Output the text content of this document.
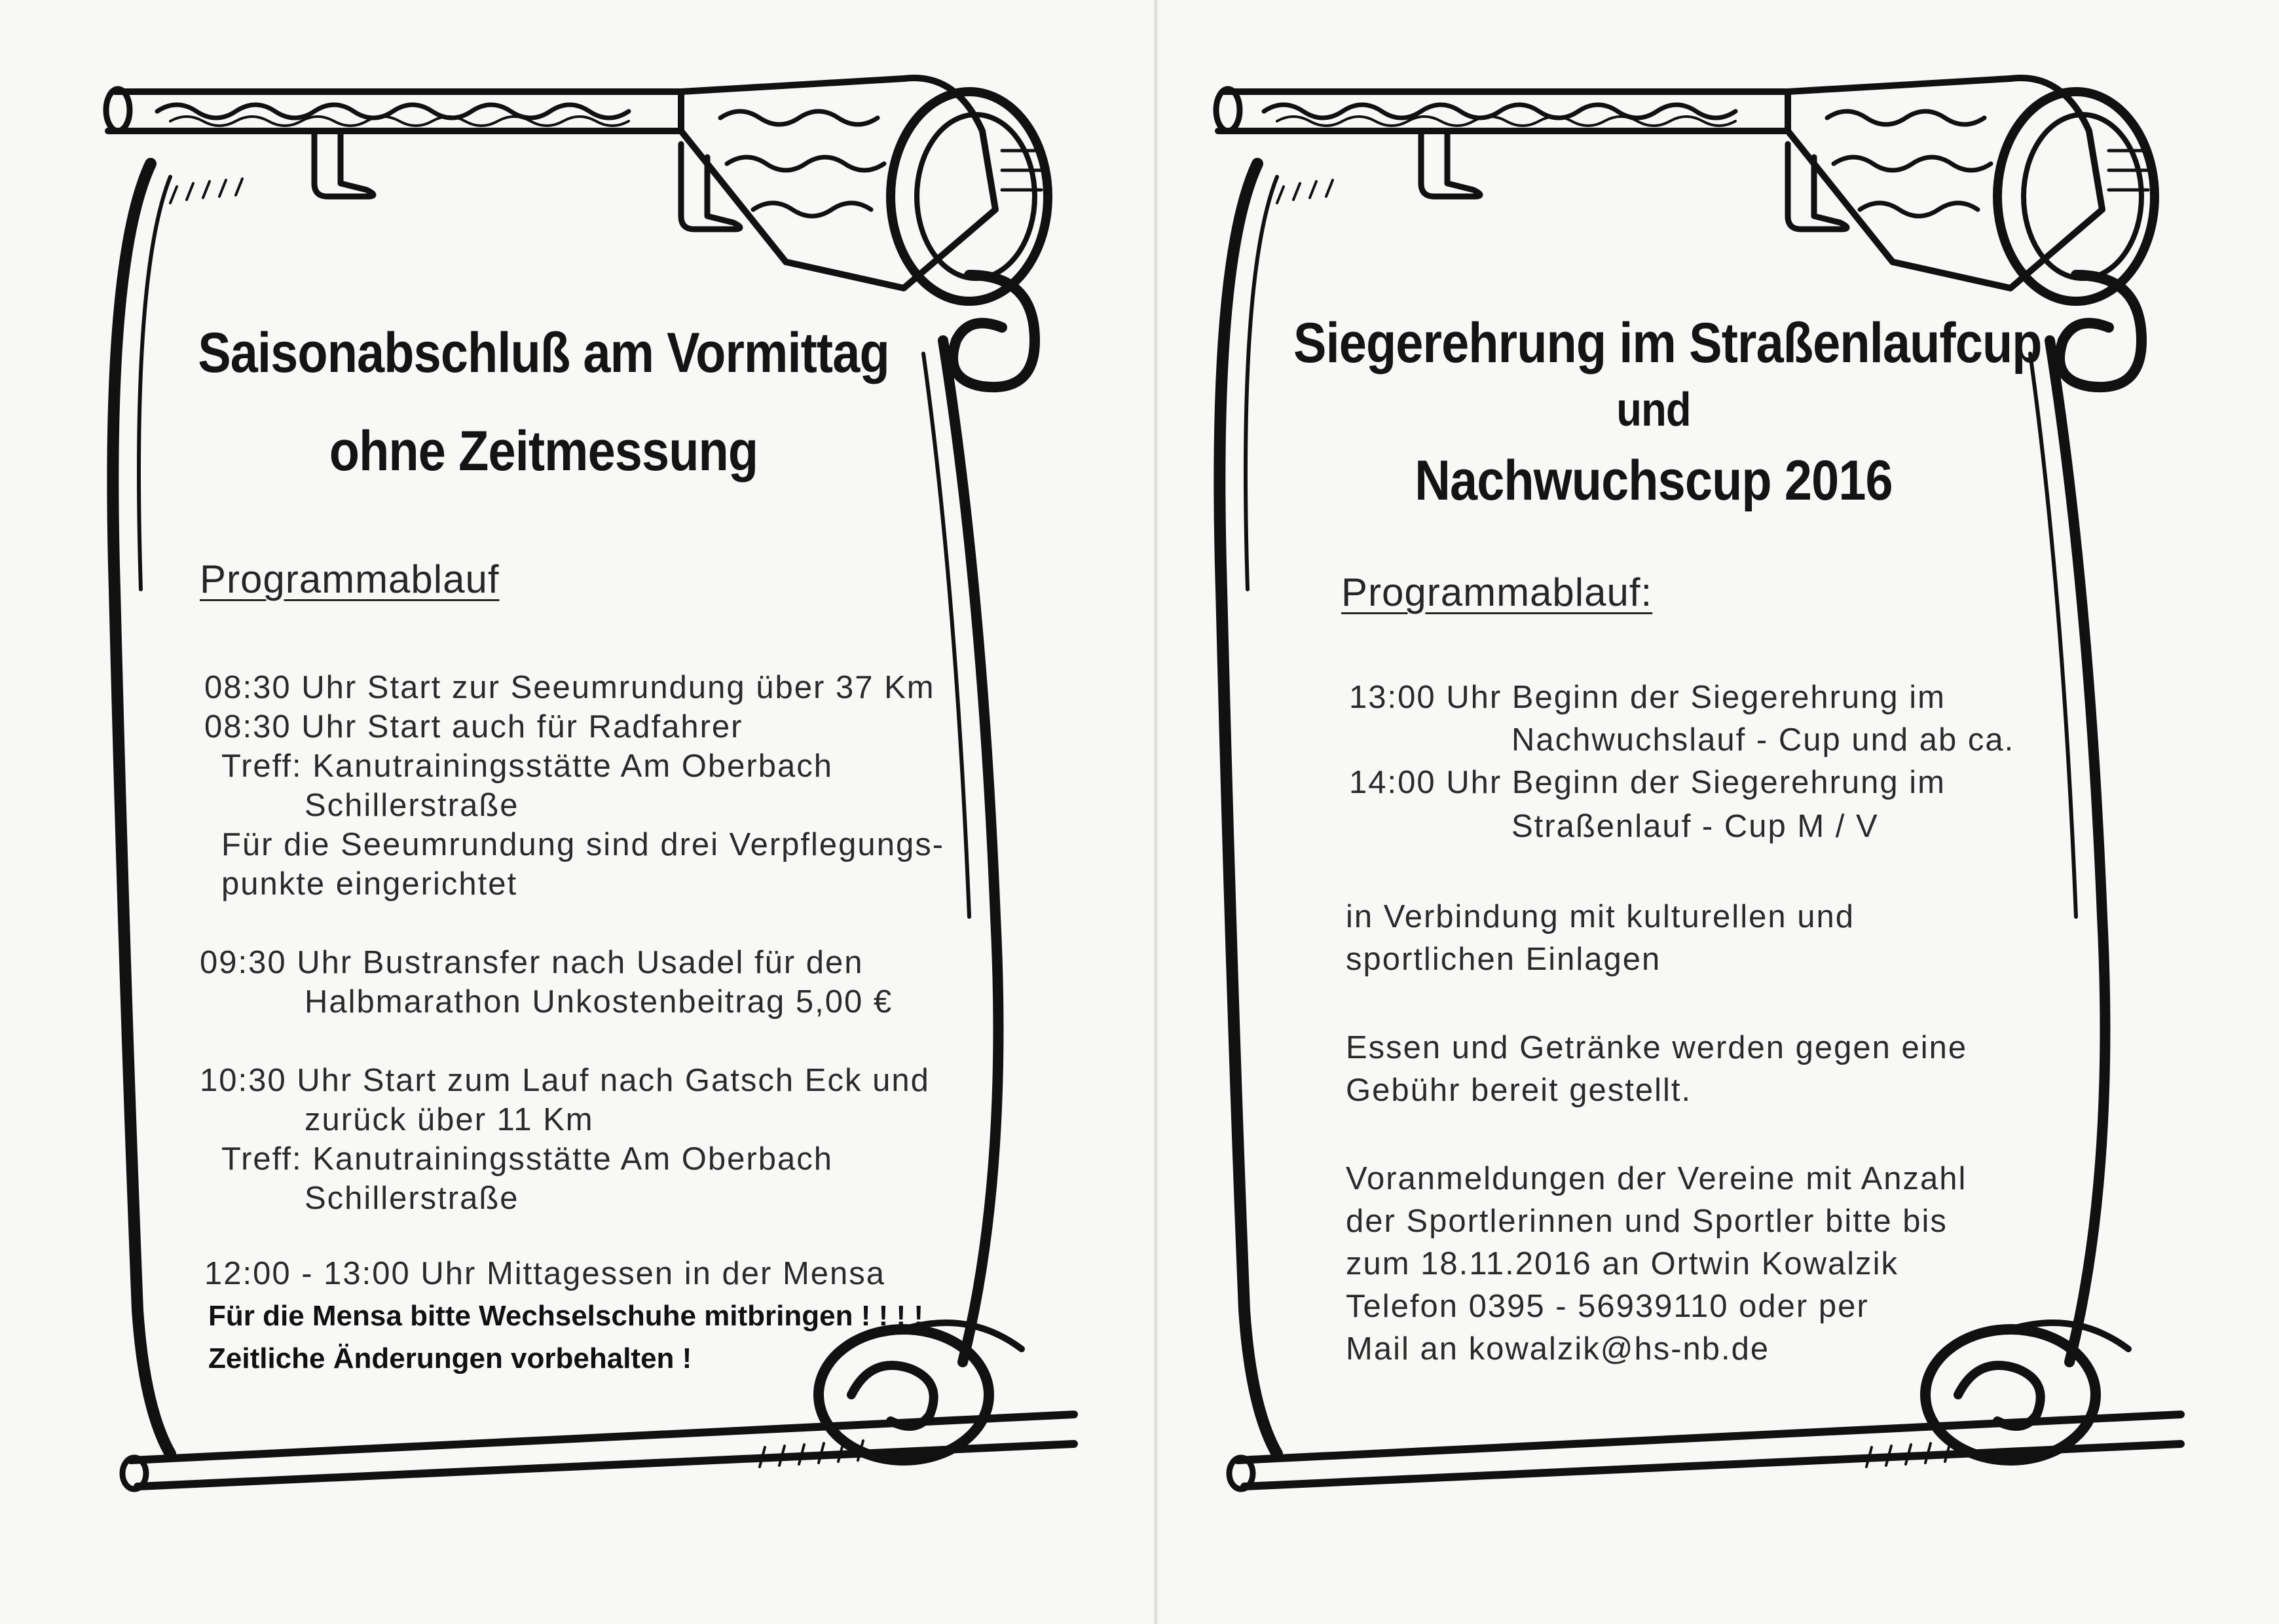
Saisonabschluß am Vormittag
ohne Zeitmessung
Programmablauf
08:30 Uhr Start zur Seeumrundung über 37 Km
08:30 Uhr Start auch für Radfahrer
Treff: Kanutrainingsstätte Am Oberbach
Schillerstraße
Für die Seeumrundung sind drei Verpflegungs-
punkte eingerichtet
09:30 Uhr Bustransfer nach Usadel für den
Halbmarathon Unkostenbeitrag 5,00 €
10:30 Uhr Start zum Lauf nach Gatsch Eck und
zurück über 11 Km
Treff: Kanutrainingsstätte Am Oberbach
Schillerstraße
12:00 - 13:00 Uhr Mittagessen in der Mensa
Für die Mensa bitte Wechselschuhe mitbringen ! ! ! !
Zeitliche Änderungen vorbehalten !
Siegerehrung im Straßenlaufcup
und
Nachwuchscup 2016
Programmablauf:
13:00 Uhr Beginn der Siegerehrung im
Nachwuchslauf - Cup und ab ca.
14:00 Uhr Beginn der Siegerehrung im
Straßenlauf - Cup M / V
in Verbindung mit kulturellen und
sportlichen Einlagen
Essen und Getränke werden gegen eine
Gebühr bereit gestellt.
Voranmeldungen der Vereine mit Anzahl
der Sportlerinnen und Sportler bitte bis
zum 18.11.2016 an Ortwin Kowalzik
Telefon 0395 - 56939110 oder per
Mail an kowalzik@hs-nb.de
